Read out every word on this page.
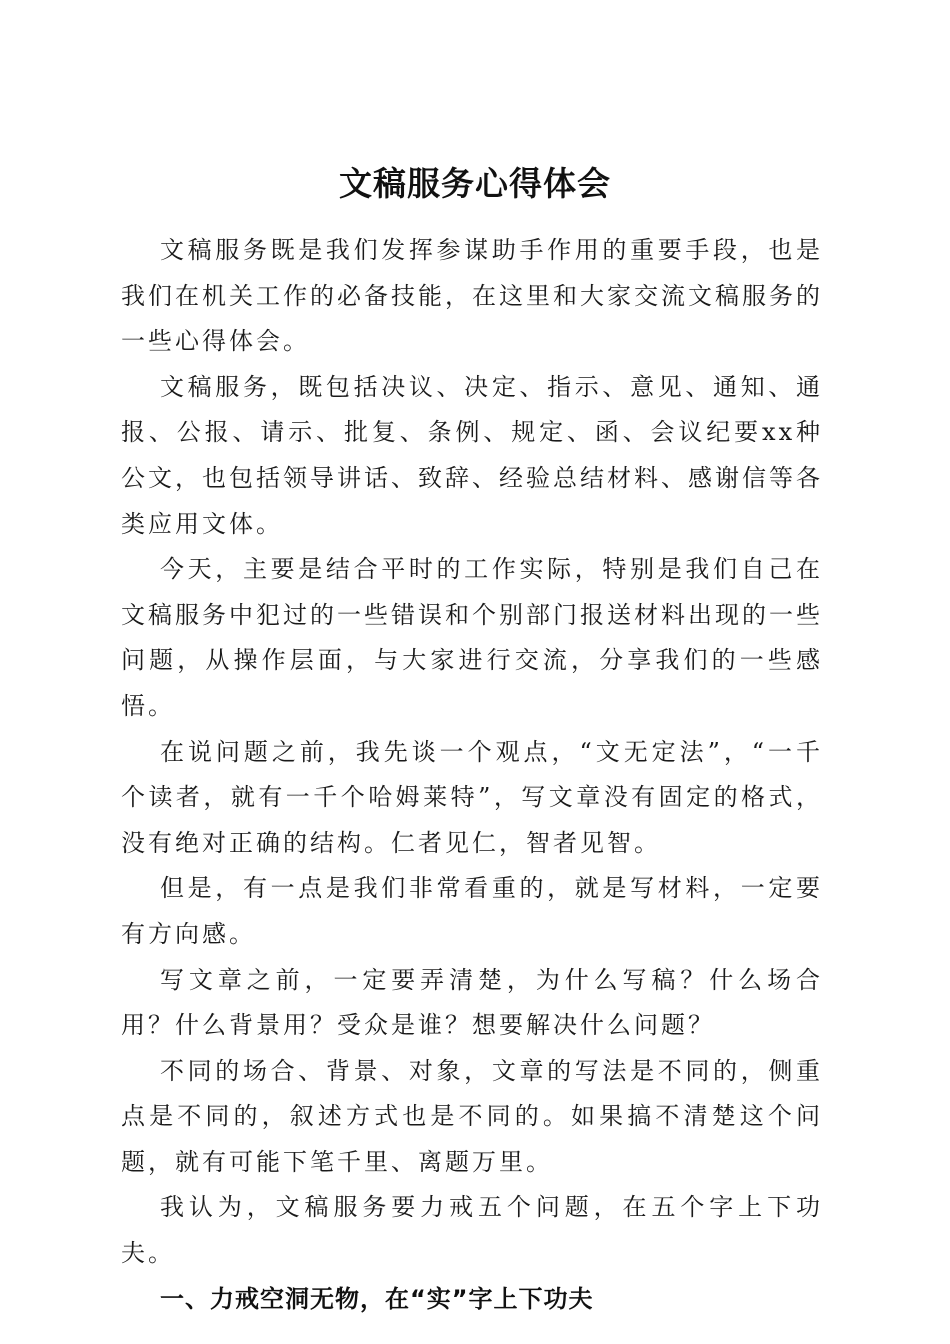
文稿服务心得体会

文稿服务既是我们发挥参谋助手作用的重要手段，也是我们在机关工作的必备技能，在这里和大家交流文稿服务的一些心得体会。

文稿服务，既包括决议、决定、指示、意见、通知、通报、公报、请示、批复、条例、规定、函、会议纪要xx种公文，也包括领导讲话、致辞、经验总结材料、感谢信等各类应用文体。

今天，主要是结合平时的工作实际，特别是我们自己在文稿服务中犯过的一些错误和个别部门报送材料出现的一些问题，从操作层面，与大家进行交流，分享我们的一些感悟。

在说问题之前，我先谈一个观点，“文无定法”，“一千个读者，就有一千个哈姆莱特”，写文章没有固定的格式，没有绝对正确的结构。仁者见仁，智者见智。

但是，有一点是我们非常看重的，就是写材料，一定要有方向感。

写文章之前，一定要弄清楚，为什么写稿？什么场合用？什么背景用？受众是谁？想要解决什么问题？

不同的场合、背景、对象，文章的写法是不同的，侧重点是不同的，叙述方式也是不同的。如果搞不清楚这个问题，就有可能下笔千里、离题万里。

我认为，文稿服务要力戒五个问题，在五个字上下功夫。

一、力戒空洞无物，在“实”字上下功夫
